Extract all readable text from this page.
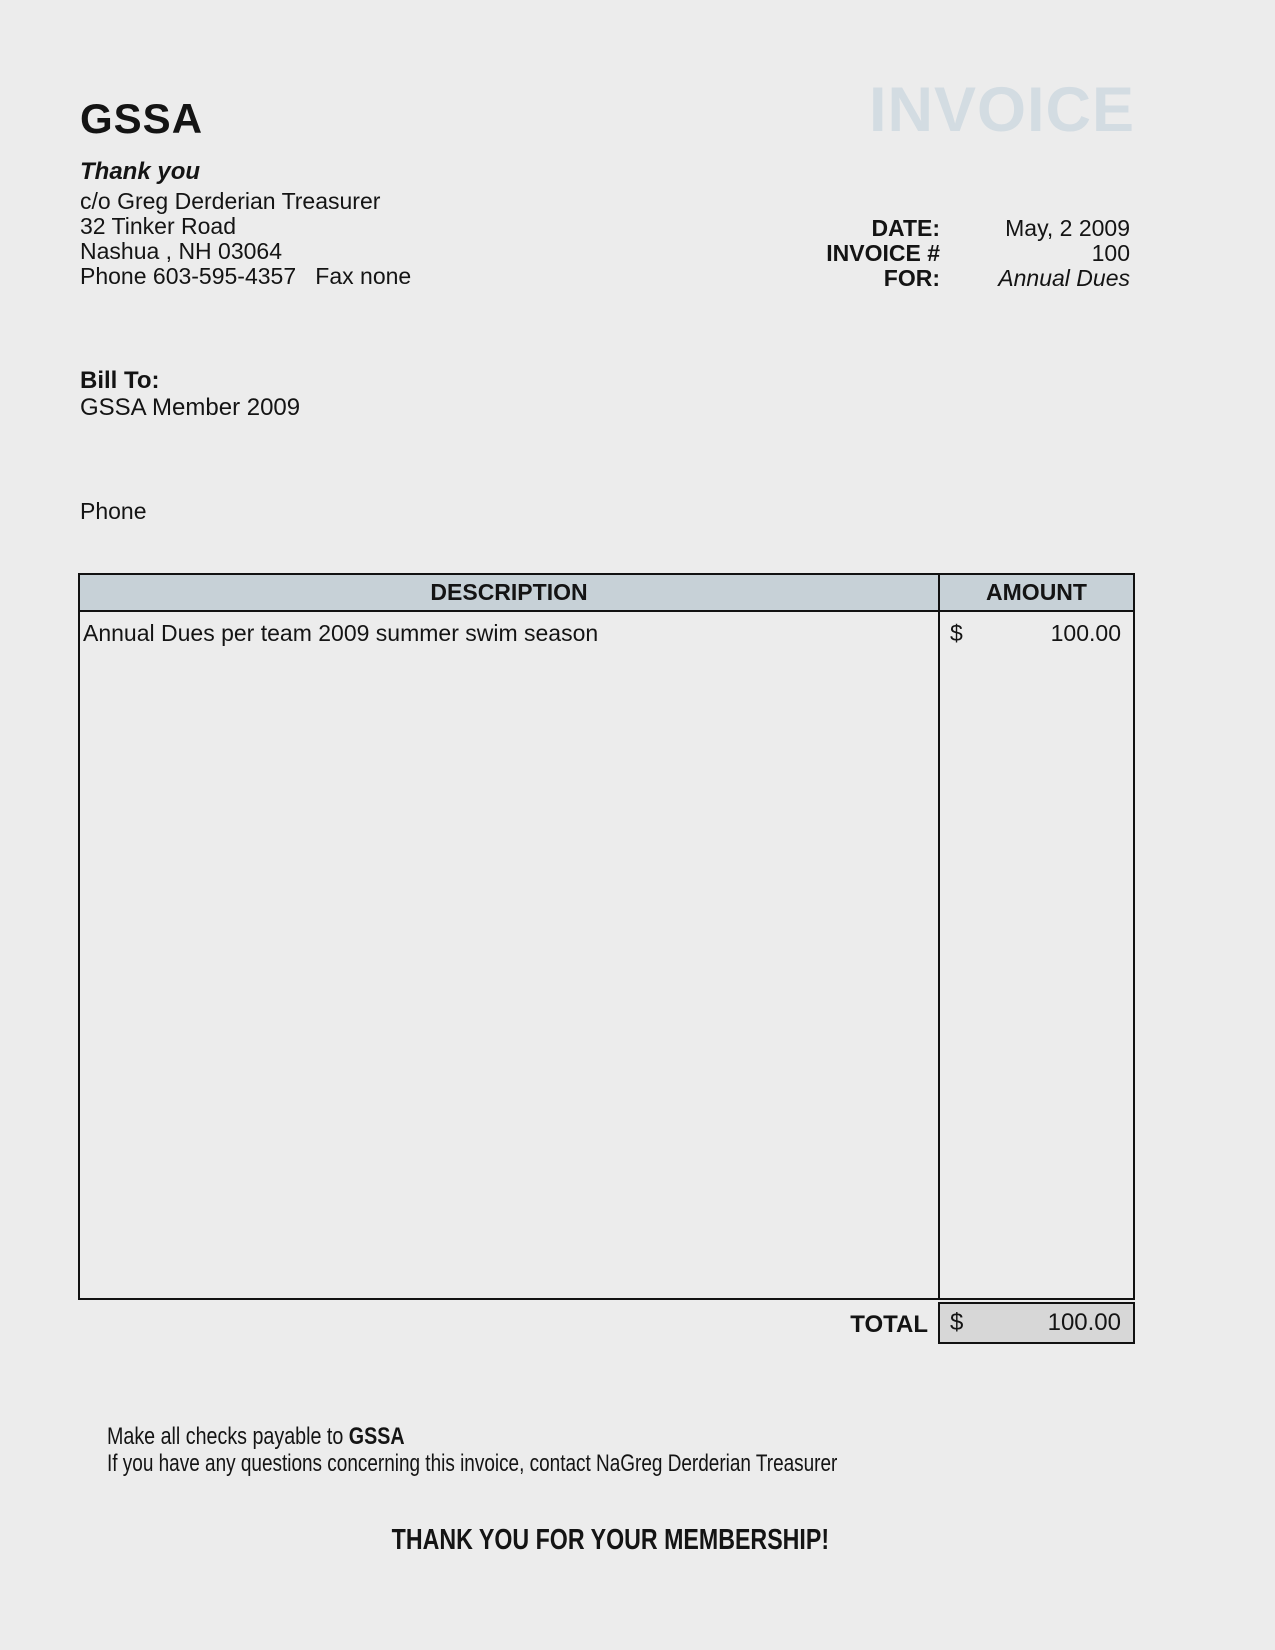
GSSA	INVOICE
Thank you
c/o Greg Derderian Treasurer
32 Tinker Road
Nashua , NH 03064
Phone 603-595-4357   Fax none
DATE:	May, 2 2009
INVOICE #	100
FOR:	Annual Dues
Bill To:
GSSA Member 2009
Phone
DESCRIPTION	AMOUNT
Annual Dues per team 2009 summer swim season	$	100.00
TOTAL $	100.00

Make all checks payable to GSSA

If you have any questions concerning this invoice, contact NaGreg Derderian Treasurer

THANK YOU FOR YOUR MEMBERSHIP!
